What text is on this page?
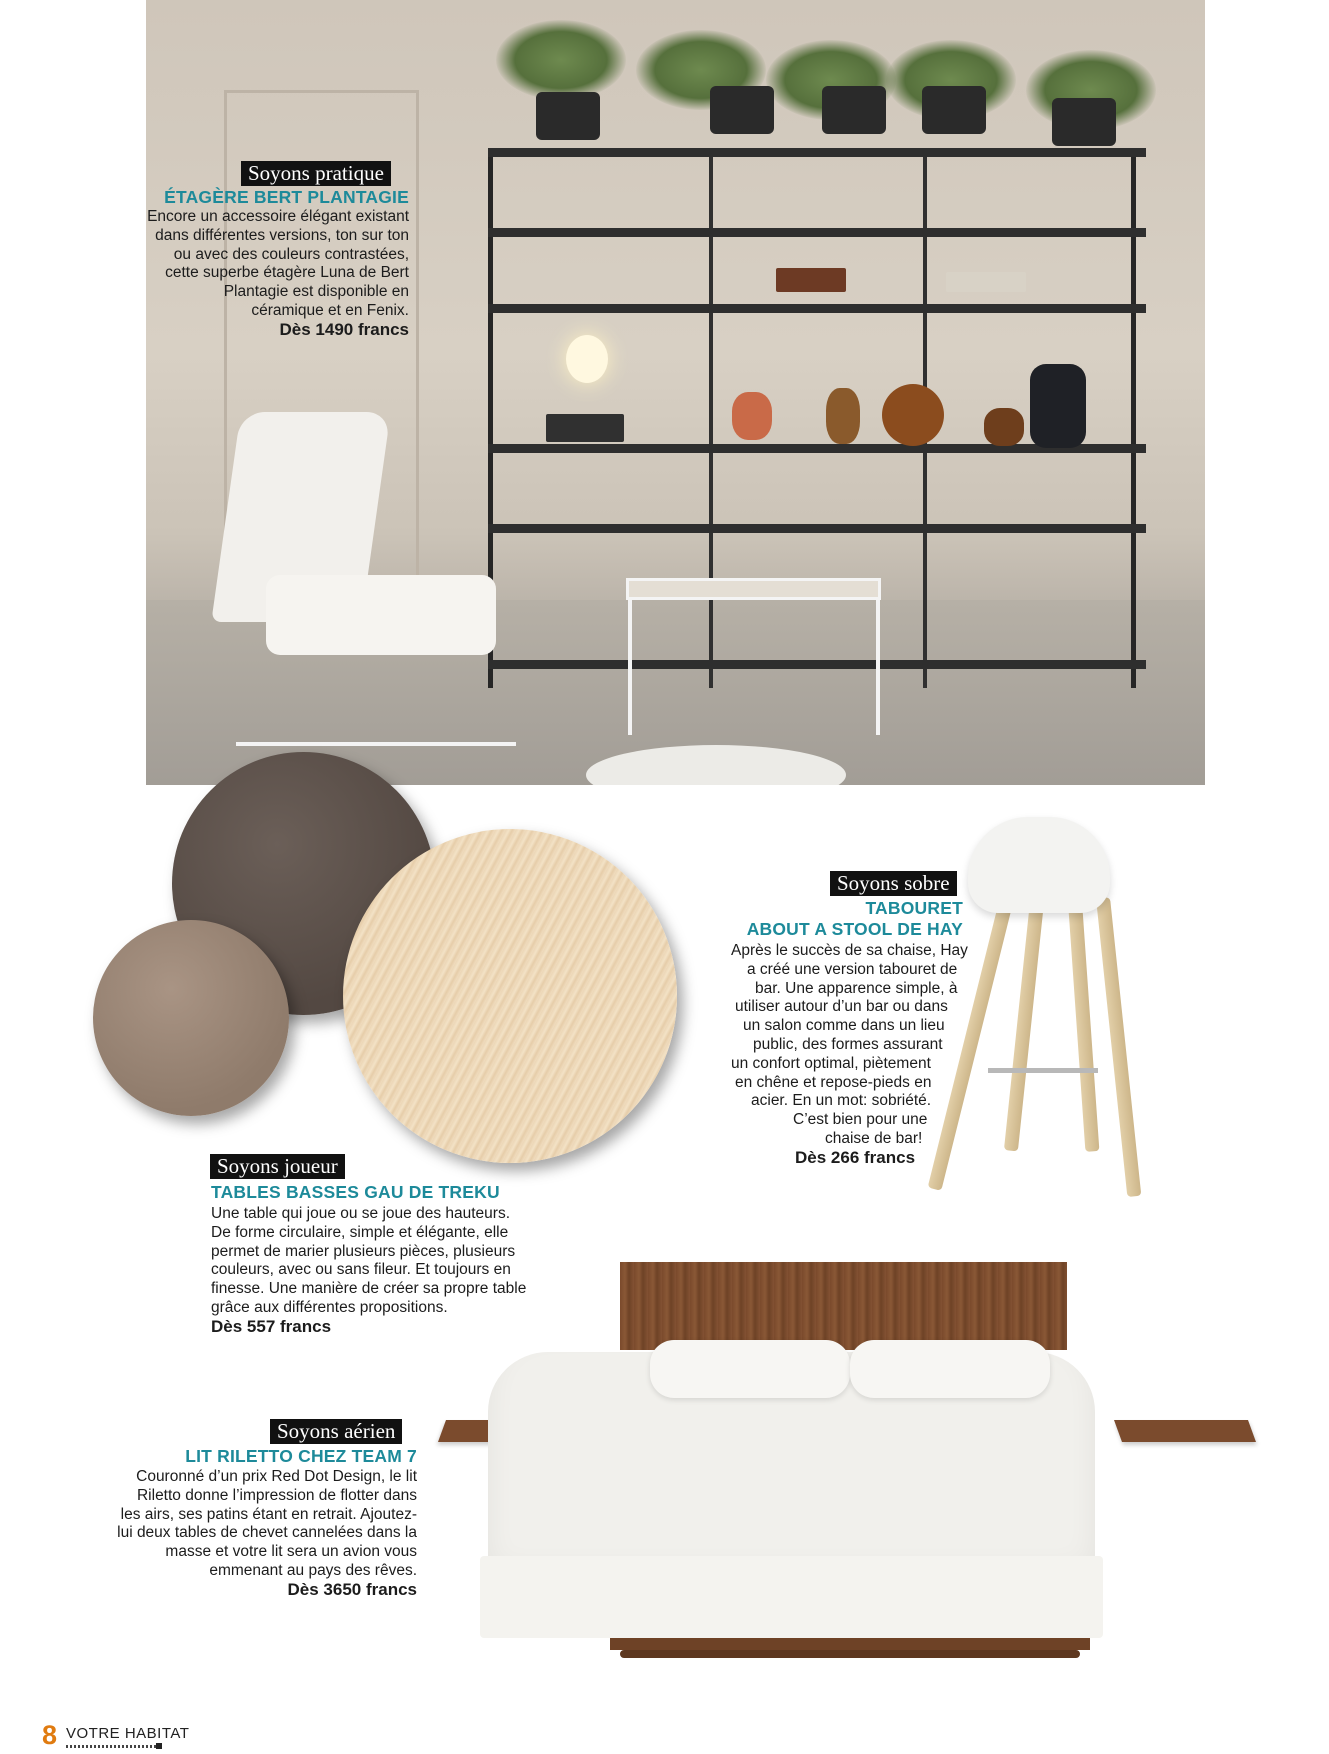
Soyons pratique
ÉTAGÈRE BERT PLANTAGIE
Encore un accessoire élégant existant
dans différentes versions, ton sur ton
ou avec des couleurs contrastées,
cette superbe étagère Luna de Bert
Plantagie est disponible en
céramique et en Fenix.
Dès 1490 francs
Soyons sobre
TABOURET
ABOUT A STOOL DE HAY
Après le succès de sa chaise, Hay
a créé une version tabouret de
bar. Une apparence simple, à
utiliser autour d’un bar ou dans
un salon comme dans un lieu
public, des formes assurant
un confort optimal, piètement
en chêne et repose-pieds en
acier. En un mot: sobriété.
C’est bien pour une
chaise de bar!
Dès 266 francs
Soyons joueur
TABLES BASSES GAU DE TREKU
Une table qui joue ou se joue des hauteurs.
De forme circulaire, simple et élégante, elle
permet de marier plusieurs pièces, plusieurs
couleurs, avec ou sans fileur. Et toujours en
finesse. Une manière de créer sa propre table
grâce aux différentes propositions.
Dès 557 francs
Soyons aérien
LIT RILETTO CHEZ TEAM 7
Couronné d’un prix Red Dot Design, le lit
Riletto donne l’impression de flotter dans
les airs, ses patins étant en retrait. Ajoutez-
lui deux tables de chevet cannelées dans la
masse et votre lit sera un avion vous
emmenant au pays des rêves.
Dès 3650 francs
8 VOTRE HABITAT
